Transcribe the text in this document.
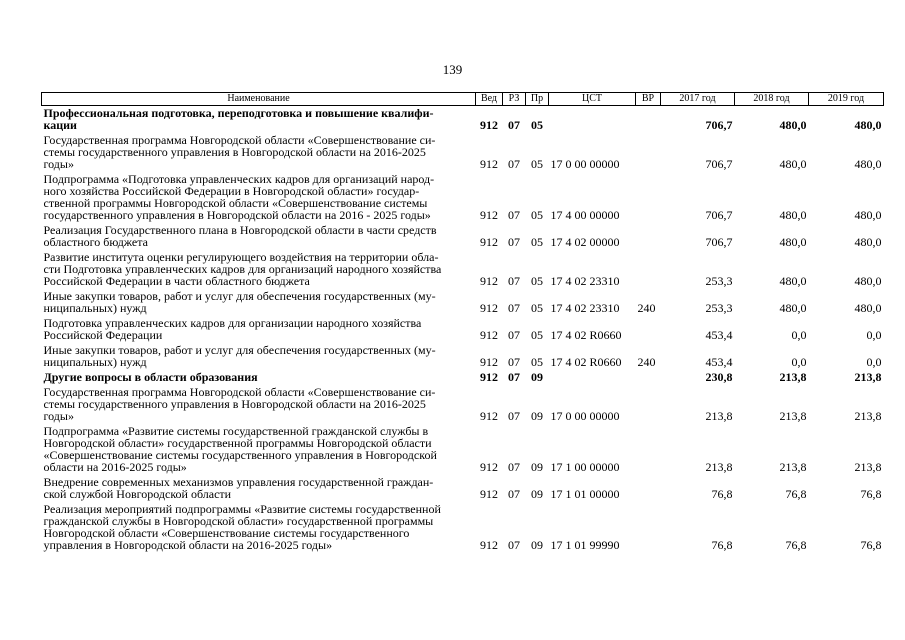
139
Наименование	Вед	РЗ	Пр	ЦСТ	ВР	2017 год	2018 год	2019 год
Профессиональная подготовка, переподготовка и повышение квалифи-
кации	912	07	05			706,7	480,0	480,0
Государственная программа Новгородской области «Совершенствование си-
стемы государственного управления в Новгородской области на 2016-2025
годы»	912	07	05	17 0 00 00000		706,7	480,0	480,0
Подпрограмма «Подготовка управленческих кадров для организаций народ-
ного хозяйства Российской Федерации в Новгородской области» государ-
ственной программы Новгородской области «Совершенствование системы
государственного управления в Новгородской области на 2016 - 2025 годы»	912	07	05	17 4 00 00000		706,7	480,0	480,0
Реализация Государственного плана в Новгородской области в части средств
областного бюджета	912	07	05	17 4 02 00000		706,7	480,0	480,0
Развитие института оценки регулирующего воздействия на территории обла-
сти Подготовка управленческих кадров для организаций народного хозяйства
Российской Федерации в части областного бюджета	912	07	05	17 4 02 23310		253,3	480,0	480,0
Иные закупки товаров, работ и услуг для обеспечения государственных (му-
ниципальных) нужд	912	07	05	17 4 02 23310	240	253,3	480,0	480,0
Подготовка управленческих кадров для организации народного хозяйства
Российской Федерации	912	07	05	17 4 02 R0660		453,4	0,0	0,0
Иные закупки товаров, работ и услуг для обеспечения государственных (му-
ниципальных) нужд	912	07	05	17 4 02 R0660	240	453,4	0,0	0,0
Другие вопросы в области образования	912	07	09			230,8	213,8	213,8
Государственная программа Новгородской области «Совершенствование си-
стемы государственного управления в Новгородской области на 2016-2025
годы»	912	07	09	17 0 00 00000		213,8	213,8	213,8
Подпрограмма «Развитие системы государственной гражданской службы в
Новгородской области» государственной программы Новгородской области
«Совершенствование системы государственного управления в Новгородской
области на 2016-2025 годы»	912	07	09	17 1 00 00000		213,8	213,8	213,8
Внедрение современных механизмов управления государственной граждан-
ской службой Новгородской области	912	07	09	17 1 01 00000		76,8	76,8	76,8
Реализация мероприятий подпрограммы «Развитие системы государственной
гражданской службы в Новгородской области» государственной программы
Новгородской области «Совершенствование системы государственного
управления в Новгородской области на 2016-2025 годы»	912	07	09	17 1 01 99990		76,8	76,8	76,8
